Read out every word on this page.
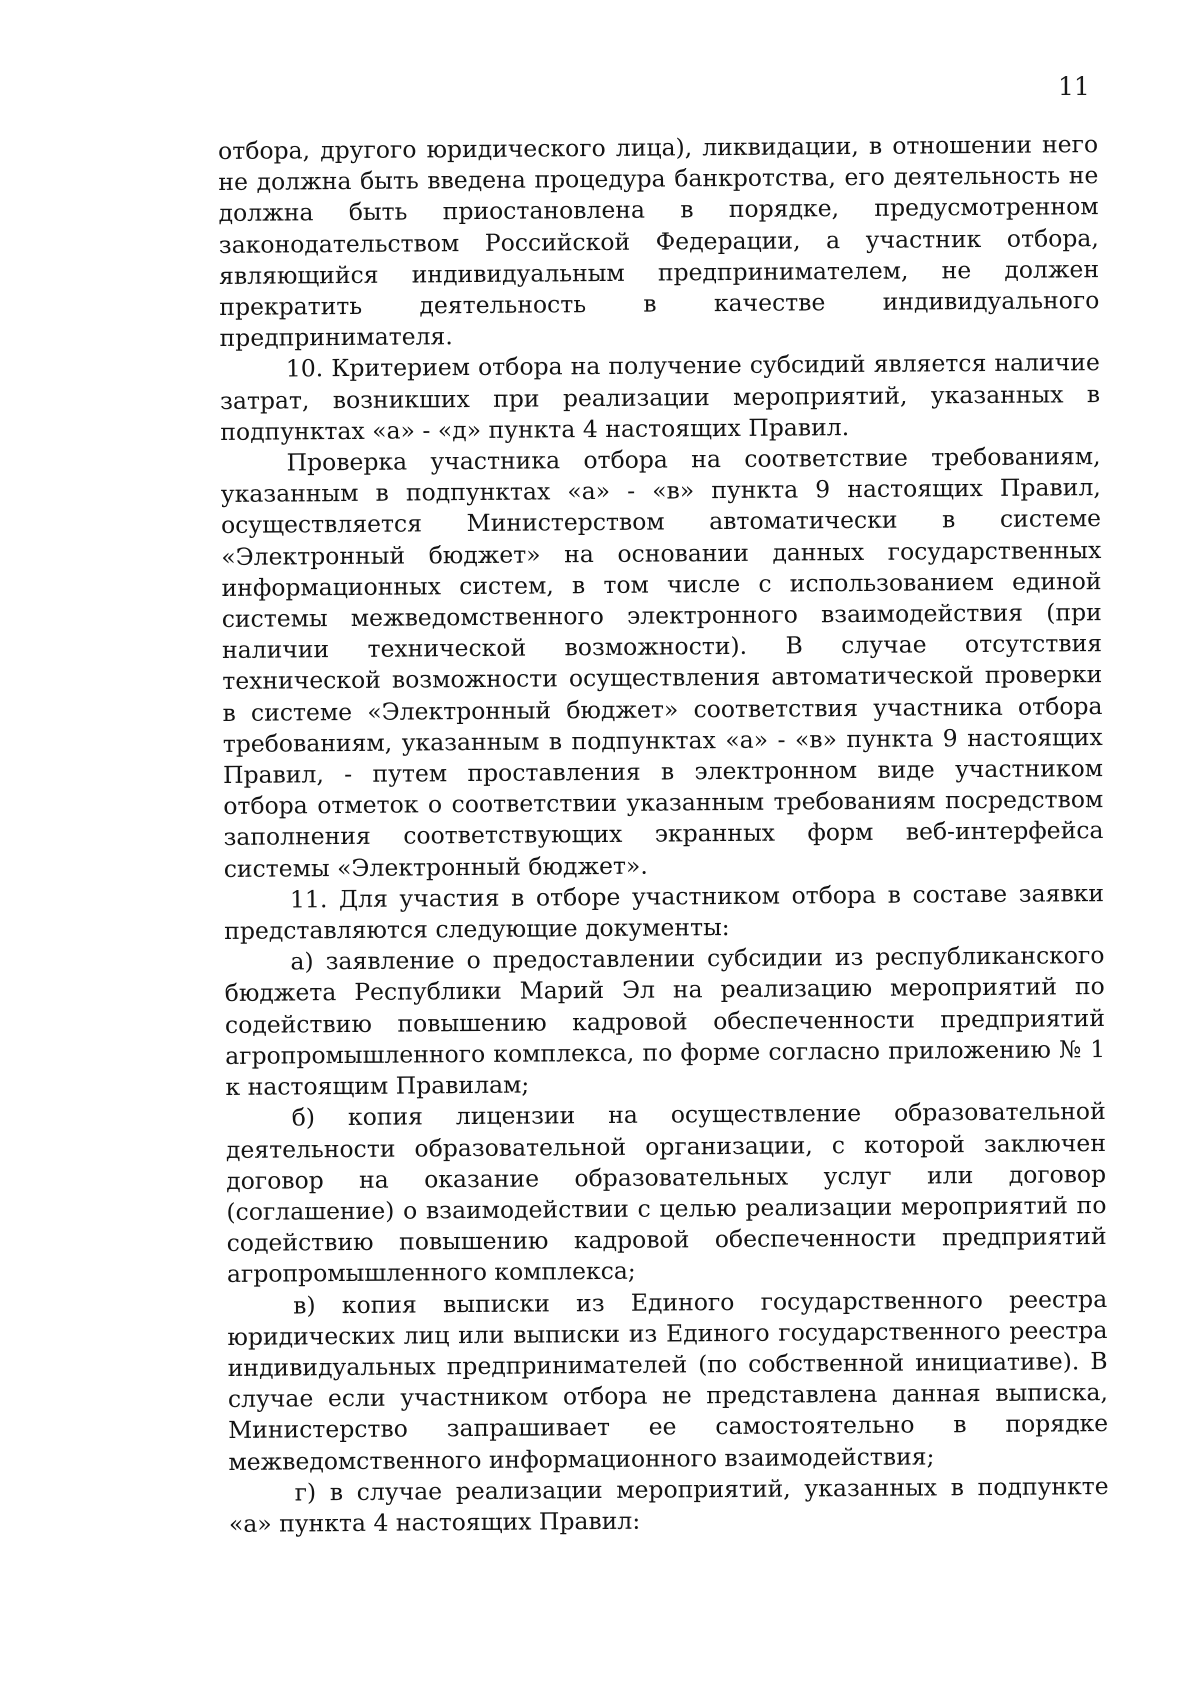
11

отбора, другого юридического лица), ликвидации, в отношении него не должна быть введена процедура банкротства, его деятельность не должна быть приостановлена в порядке, предусмотренном законодательством Российской Федерации, а участник отбора, являющийся индивидуальным предпринимателем, не должен прекратить деятельность в качестве индивидуального предпринимателя.

10. Критерием отбора на получение субсидий является наличие затрат, возникших при реализации мероприятий, указанных в подпунктах «а» - «д» пункта 4 настоящих Правил.

Проверка участника отбора на соответствие требованиям, указанным в подпунктах «а» - «в» пункта 9 настоящих Правил, осуществляется Министерством автоматически в системе «Электронный бюджет» на основании данных государственных информационных систем, в том числе с использованием единой системы межведомственного электронного взаимодействия (при наличии технической возможности). В случае отсутствия технической возможности осуществления автоматической проверки в системе «Электронный бюджет» соответствия участника отбора требованиям, указанным в подпунктах «а» - «в» пункта 9 настоящих Правил, - путем проставления в электронном виде участником отбора отметок о соответствии указанным требованиям посредством заполнения соответствующих экранных форм веб-интерфейса системы «Электронный бюджет».

11. Для участия в отборе участником отбора в составе заявки представляются следующие документы:

а) заявление о предоставлении субсидии из республиканского бюджета Республики Марий Эл на реализацию мероприятий по содействию повышению кадровой обеспеченности предприятий агропромышленного комплекса, по форме согласно приложению № 1 к настоящим Правилам;

б) копия лицензии на осуществление образовательной деятельности образовательной организации, с которой заключен договор на оказание образовательных услуг или договор (соглашение) о взаимодействии с целью реализации мероприятий по содействию повышению кадровой обеспеченности предприятий агропромышленного комплекса;

в) копия выписки из Единого государственного реестра юридических лиц или выписки из Единого государственного реестра индивидуальных предпринимателей (по собственной инициативе). В случае если участником отбора не представлена данная выписка, Министерство запрашивает ее самостоятельно в порядке межведомственного информационного взаимодействия;

г) в случае реализации мероприятий, указанных в подпункте «а» пункта 4 настоящих Правил:
